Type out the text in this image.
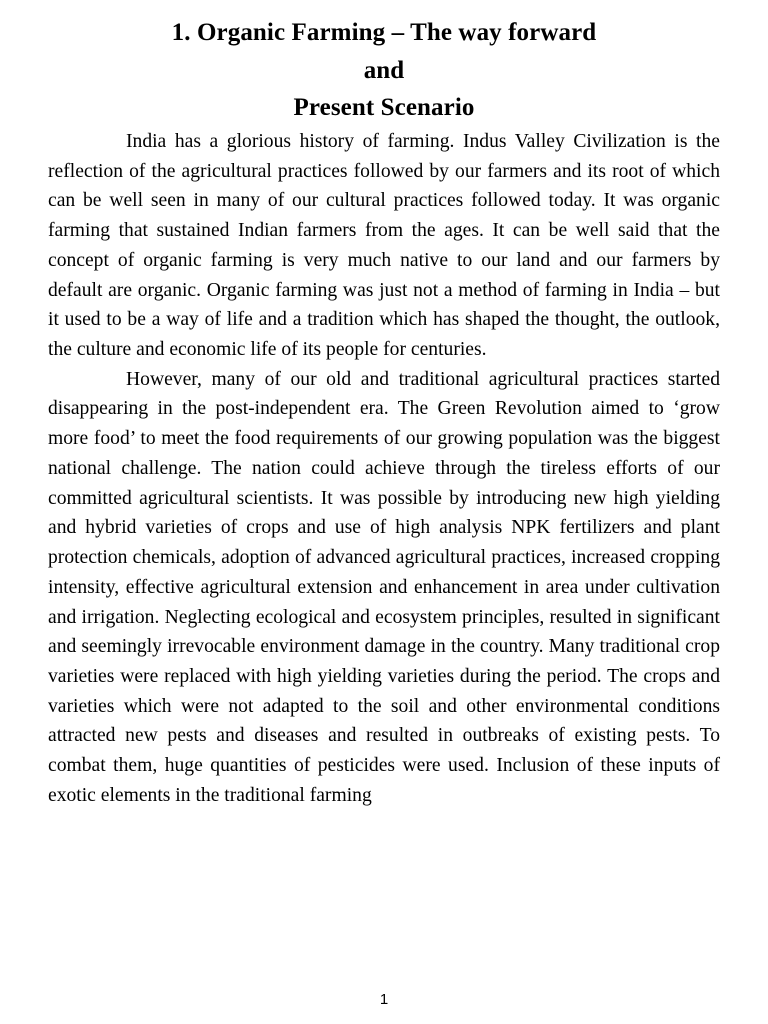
1. Organic Farming – The way forward
and
Present Scenario

India has a glorious history of farming. Indus Valley Civilization is the reflection of the agricultural practices followed by our farmers and its root of which can be well seen in many of our cultural practices followed today. It was organic farming that sustained Indian farmers from the ages. It can be well said that the concept of organic farming is very much native to our land and our farmers by default are organic. Organic farming was just not a method of farming in India – but it used to be a way of life and a tradition which has shaped the thought, the outlook, the culture and economic life of its people for centuries.

However, many of our old and traditional agricultural practices started disappearing in the post-independent era. The Green Revolution aimed to ‘grow more food’ to meet the food requirements of our growing population was the biggest national challenge. The nation could achieve through the tireless efforts of our committed agricultural scientists. It was possible by introducing new high yielding and hybrid varieties of crops and use of high analysis NPK fertilizers and plant protection chemicals, adoption of advanced agricultural practices, increased cropping intensity, effective agricultural extension and enhancement in area under cultivation and irrigation. Neglecting ecological and ecosystem principles, resulted in significant and seemingly irrevocable environment damage in the country. Many traditional crop varieties were replaced with high yielding varieties during the period. The crops and varieties which were not adapted to the soil and other environmental conditions attracted new pests and diseases and resulted in outbreaks of existing pests. To combat them, huge quantities of pesticides were used. Inclusion of these inputs of exotic elements in the traditional farming

1
